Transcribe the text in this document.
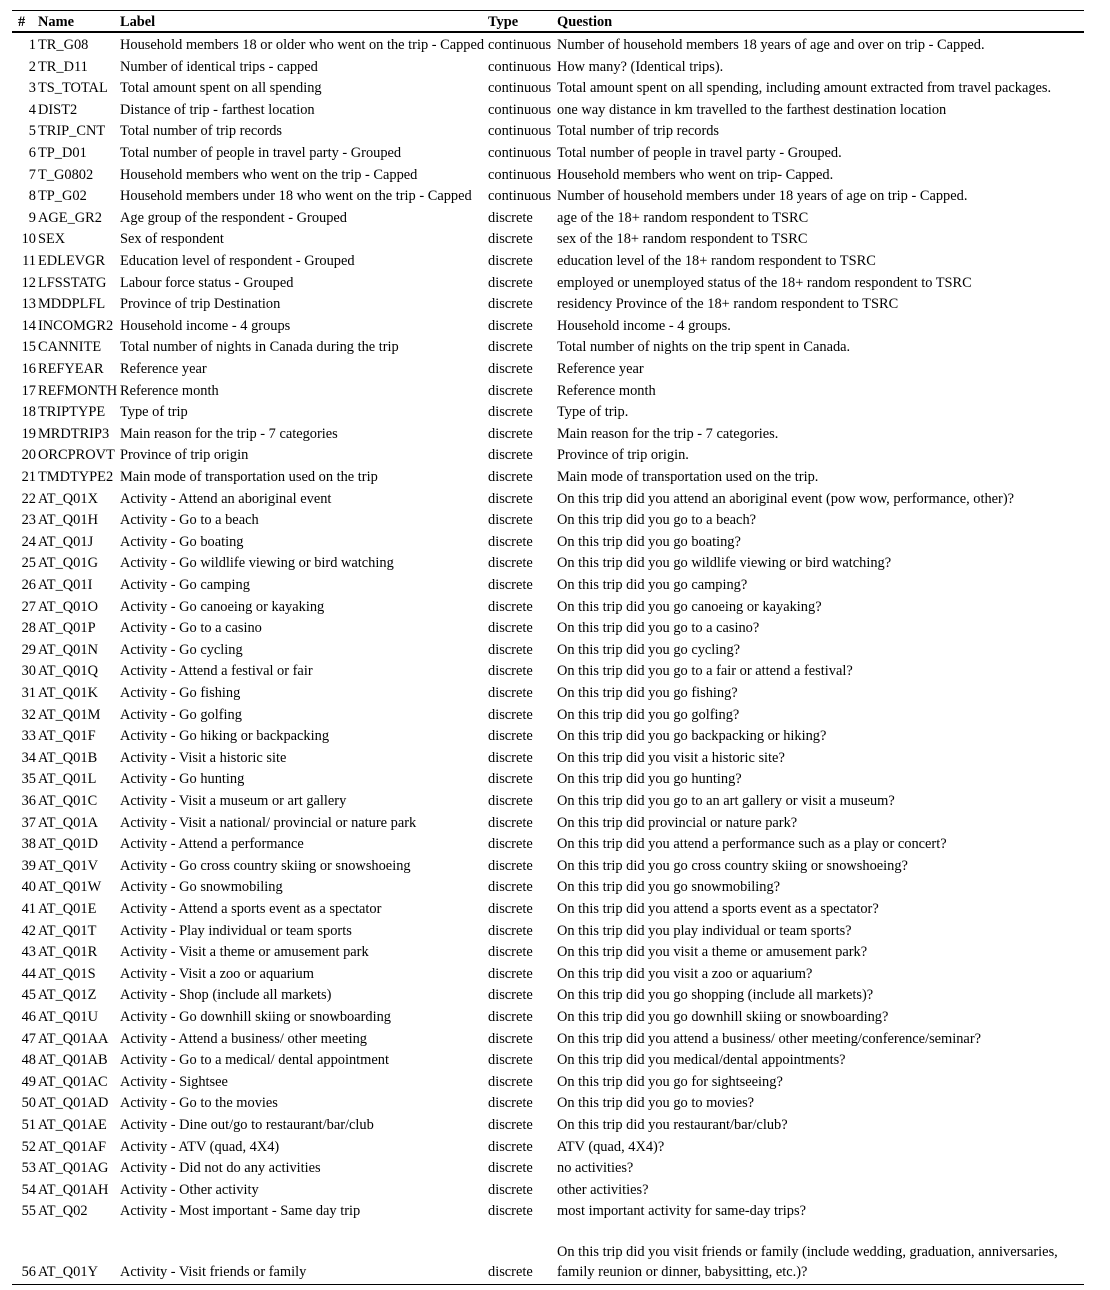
# Name	Label	Type	Question
1 TR_G08 Household members 18 or older who went on the trip - Capped continuous Number of household members 18 years of age and over on trip - Capped.
2 TR_D11 Number of identical trips - capped	continuous How many? (Identical trips).
3 TS_TOTAL Total amount spent on all spending	continuous Total amount spent on all spending, including amount extracted from travel packages.
4 DIST2	Distance of trip - farthest location	continuous one way distance in km travelled to the farthest destination location
5 TRIP_CNT Total number of trip records	continuous Total number of trip records
6 TP_D01 Total number of people in travel party - Grouped	continuous Total number of people in travel party - Grouped.
7 T_G0802 Household members who went on the trip - Capped	continuous Household members who went on trip- Capped.
8 TP_G02 Household members under 18 who went on the trip - Capped continuous Number of household members under 18 years of age on trip - Capped.
9 AGE_GR2 Age group of the respondent - Grouped	discrete age of the 18+ random respondent to TSRC
10 SEX	Sex of respondent	discrete sex of the 18+ random respondent to TSRC
11 EDLEVGR Education level of respondent - Grouped	discrete education level of the 18+ random respondent to TSRC
12 LFSSTATG Labour force status - Grouped	discrete employed or unemployed status of the 18+ random respondent to TSRC
13 MDDPLFL Province of trip Destination	discrete residency Province of the 18+ random respondent to TSRC
14 INCOMGR2 Household income - 4 groups	discrete Household income - 4 groups.
15 CANNITE Total number of nights in Canada during the trip	discrete Total number of nights on the trip spent in Canada.
16 REFYEAR Reference year	discrete Reference year
17 REFMONTH Reference month	discrete Reference month
18 TRIPTYPE Type of trip	discrete Type of trip.
19 MRDTRIP3 Main reason for the trip - 7 categories	discrete Main reason for the trip - 7 categories.
20 ORCPROVT Province of trip origin	discrete Province of trip origin.
21 TMDTYPE2 Main mode of transportation used on the trip	discrete Main mode of transportation used on the trip.
22 AT_Q01X Activity - Attend an aboriginal event	discrete On this trip did you attend an aboriginal event (pow wow, performance, other)?
23 AT_Q01H Activity - Go to a beach	discrete On this trip did you go to a beach?
24 AT_Q01J Activity - Go boating	discrete On this trip did you go boating?
25 AT_Q01G Activity - Go wildlife viewing or bird watching	discrete On this trip did you go wildlife viewing or bird watching?
26 AT_Q01I Activity - Go camping	discrete On this trip did you go camping?
27 AT_Q01O Activity - Go canoeing or kayaking	discrete On this trip did you go canoeing or kayaking?
28 AT_Q01P Activity - Go to a casino	discrete On this trip did you go to a casino?
29 AT_Q01N Activity - Go cycling	discrete On this trip did you go cycling?
30 AT_Q01Q Activity - Attend a festival or fair	discrete On this trip did you go to a fair or attend a festival?
31 AT_Q01K Activity - Go fishing	discrete On this trip did you go fishing?
32 AT_Q01M Activity - Go golfing	discrete On this trip did you go golfing?
33 AT_Q01F Activity - Go hiking or backpacking	discrete On this trip did you go backpacking or hiking?
34 AT_Q01B Activity - Visit a historic site	discrete On this trip did you visit a historic site?
35 AT_Q01L Activity - Go hunting	discrete On this trip did you go hunting?
36 AT_Q01C Activity - Visit a museum or art gallery	discrete On this trip did you go to an art gallery or visit a museum?
37 AT_Q01A Activity - Visit a national/ provincial or nature park	discrete On this trip did provincial or nature park?
38 AT_Q01D Activity - Attend a performance	discrete On this trip did you attend a performance such as a play or concert?
39 AT_Q01V Activity - Go cross country skiing or snowshoeing	discrete On this trip did you go cross country skiing or snowshoeing?
40 AT_Q01W Activity - Go snowmobiling	discrete On this trip did you go snowmobiling?
41 AT_Q01E Activity - Attend a sports event as a spectator	discrete On this trip did you attend a sports event as a spectator?
42 AT_Q01T Activity - Play individual or team sports	discrete On this trip did you play individual or team sports?
43 AT_Q01R Activity - Visit a theme or amusement park	discrete On this trip did you visit a theme or amusement park?
44 AT_Q01S Activity - Visit a zoo or aquarium	discrete On this trip did you visit a zoo or aquarium?
45 AT_Q01Z Activity - Shop (include all markets)	discrete On this trip did you go shopping (include all markets)?
46 AT_Q01U Activity - Go downhill skiing or snowboarding	discrete On this trip did you go downhill skiing or snowboarding?
47 AT_Q01AA Activity - Attend a business/ other meeting	discrete On this trip did you attend a business/ other meeting/conference/seminar?
48 AT_Q01AB Activity - Go to a medical/ dental appointment	discrete On this trip did you medical/dental appointments?
49 AT_Q01AC Activity - Sightsee	discrete On this trip did you go for sightseeing?
50 AT_Q01AD Activity - Go to the movies	discrete On this trip did you go to movies?
51 AT_Q01AE Activity - Dine out/go to restaurant/bar/club	discrete On this trip did you restaurant/bar/club?
52 AT_Q01AF Activity - ATV (quad, 4X4)	discrete ATV (quad, 4X4)?
53 AT_Q01AG Activity - Did not do any activities	discrete no activities?
54 AT_Q01AH Activity - Other activity	discrete other activities?
55 AT_Q02 Activity - Most important - Same day trip	discrete most important activity for same-day trips?
56 AT_Q01Y Activity - Visit friends or family	discrete
On this trip did you visit friends or family (include wedding, graduation, anniversaries, family reunion or dinner, babysitting, etc.)?
